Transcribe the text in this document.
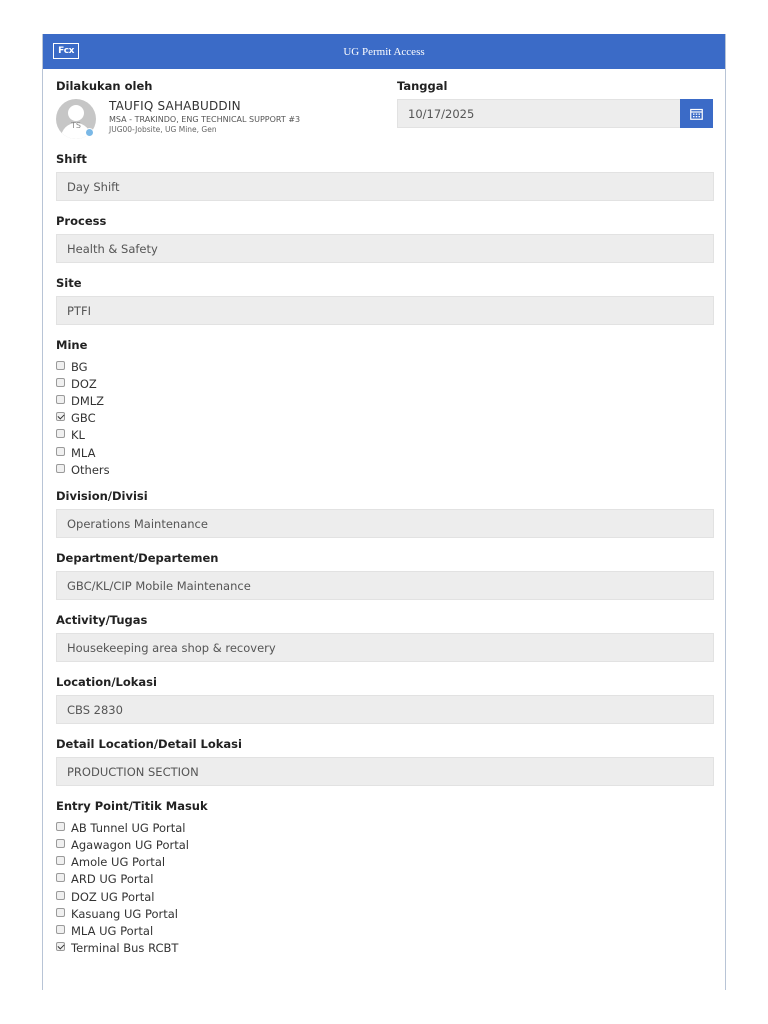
Fcx	UG Permit Access
Dilakukan oleh
TS
TAUFIQ SAHABUDDIN
MSA - TRAKINDO, ENG TECHNICAL SUPPORT #3
JUG00-Jobsite, UG Mine, Gen
Tanggal
10/17/2025
Shift
Day Shift
Process
Health & Safety
Site
PTFI
Mine
BG
DOZ
DMLZ
GBC
KL
MLA
Others
Division/Divisi
Operations Maintenance
Department/Departemen
GBC/KL/CIP Mobile Maintenance
Activity/Tugas
Housekeeping area shop & recovery
Location/Lokasi
CBS 2830
Detail Location/Detail Lokasi
PRODUCTION SECTION
Entry Point/Titik Masuk
AB Tunnel UG Portal
Agawagon UG Portal
Amole UG Portal
ARD UG Portal
DOZ UG Portal
Kasuang UG Portal
MLA UG Portal
Terminal Bus RCBT
